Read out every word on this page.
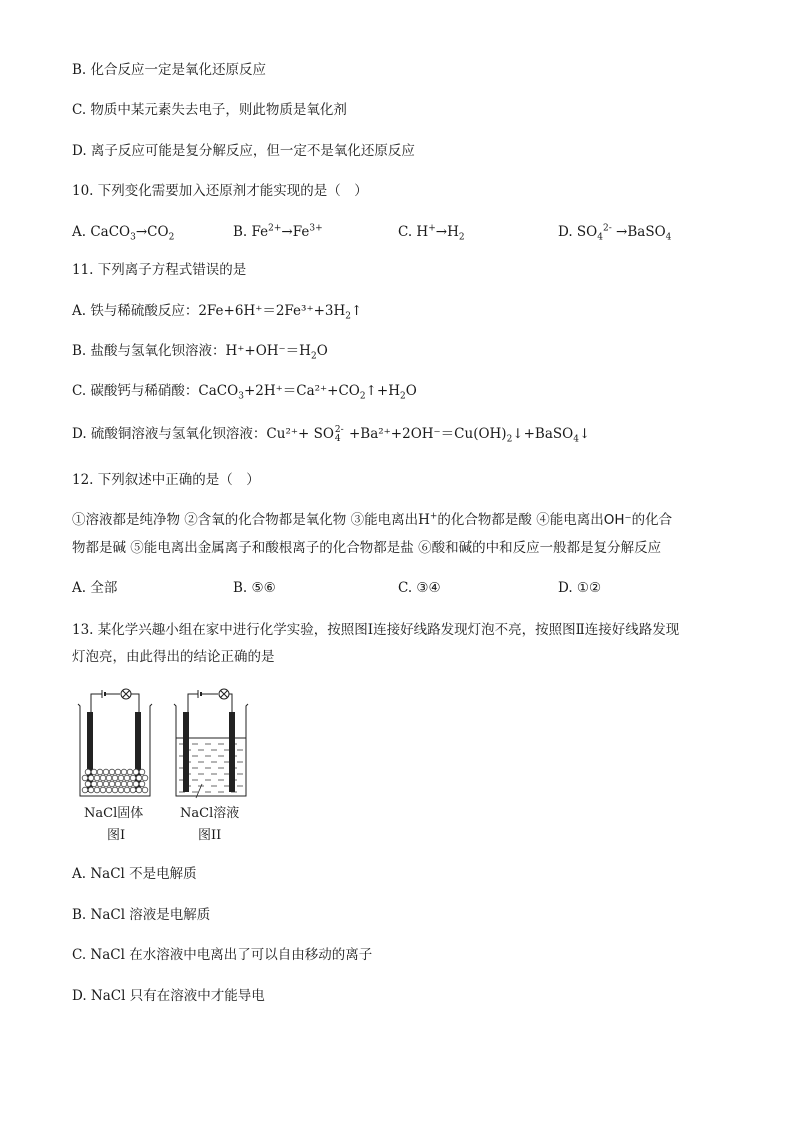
B. 化合反应一定是氧化还原反应
C. 物质中某元素失去电子，则此物质是氧化剂
D. 离子反应可能是复分解反应，但一定不是氧化还原反应
10. 下列变化需要加入还原剂才能实现的是（　）
A. $CaCO_3\to CO_2$	B. $Fe^{2+}\to Fe^{3+}$	C. $H^+\to H_2$	D. $SO_4^{2-}$ →BaSO$_4$
11. 下列离子方程式错误的是
A. 铁与稀硫酸反应：$2Fe+6H^+=2Fe^{3+}+3H_2↑$
B. 盐酸与氢氧化钡溶液：$H^++OH^-=H_2O$
C. 碳酸钙与稀硝酸：$CaCO_3+2H^+=Ca^{2+}+CO_2↑+H_2O$
D. 硫酸铜溶液与氢氧化钡溶液：Cu²⁺+ SO 2-
$4 +Ba^{2+}+2OH^-=Cu(OH)_2↓+BaSO_4↓$
12. 下列叙述中正确的是（　）
①溶液都是纯净物 ②含氧的化合物都是氧化物 ③能电离出H+的化合物都是酸 ④能电离出OH⁻的化合
物都是碱 ⑤能电离出金属离子和酸根离子的化合物都是盐 ⑥酸和碱的中和反应一般都是复分解反应
A. 全部	B. ⑤⑥	C. ③④	D. ①②
13. 某化学兴趣小组在家中进行化学实验，按照图Ⅰ连接好线路发现灯泡不亮，按照图Ⅱ连接好线路发现
灯泡亮，由此得出的结论正确的是
NaCl固体
图I
NaCl溶液
图II
A. NaCl 不是电解质
B. NaCl 溶液是电解质
C. NaCl 在水溶液中电离出了可以自由移动的离子
D. NaCl 只有在溶液中才能导电
